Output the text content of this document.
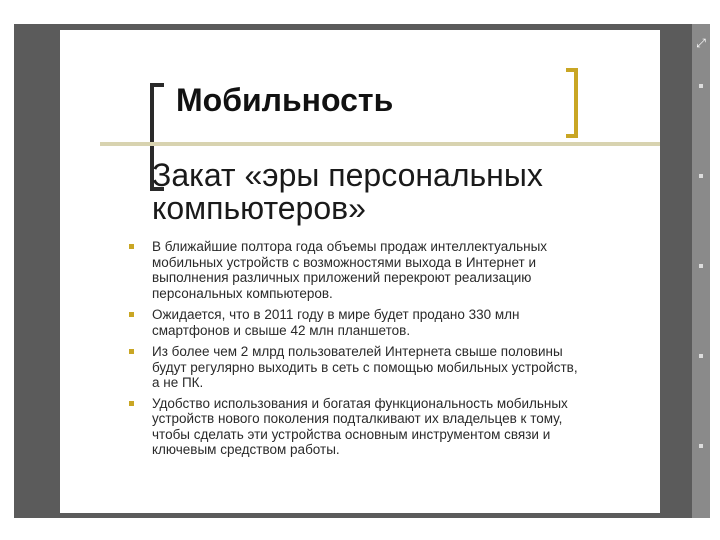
⤢
Мобильность
Закат «эры персональных компьютеров»
В ближайшие полтора года объемы продаж интеллектуальных мобильных устройств с возможностями выхода в Интернет и выполнения различных приложений перекроют реализацию персональных компьютеров.
Ожидается, что в 2011 году в мире будет продано 330 млн смартфонов и свыше 42 млн планшетов.
Из более чем 2 млрд пользователей Интернета свыше половины будут регулярно выходить в сеть с помощью мобильных устройств, а не ПК.
Удобство использования и богатая функциональность мобильных устройств нового поколения подталкивают их владельцев к тому, чтобы сделать эти устройства основным инструментом связи и ключевым средством работы.
